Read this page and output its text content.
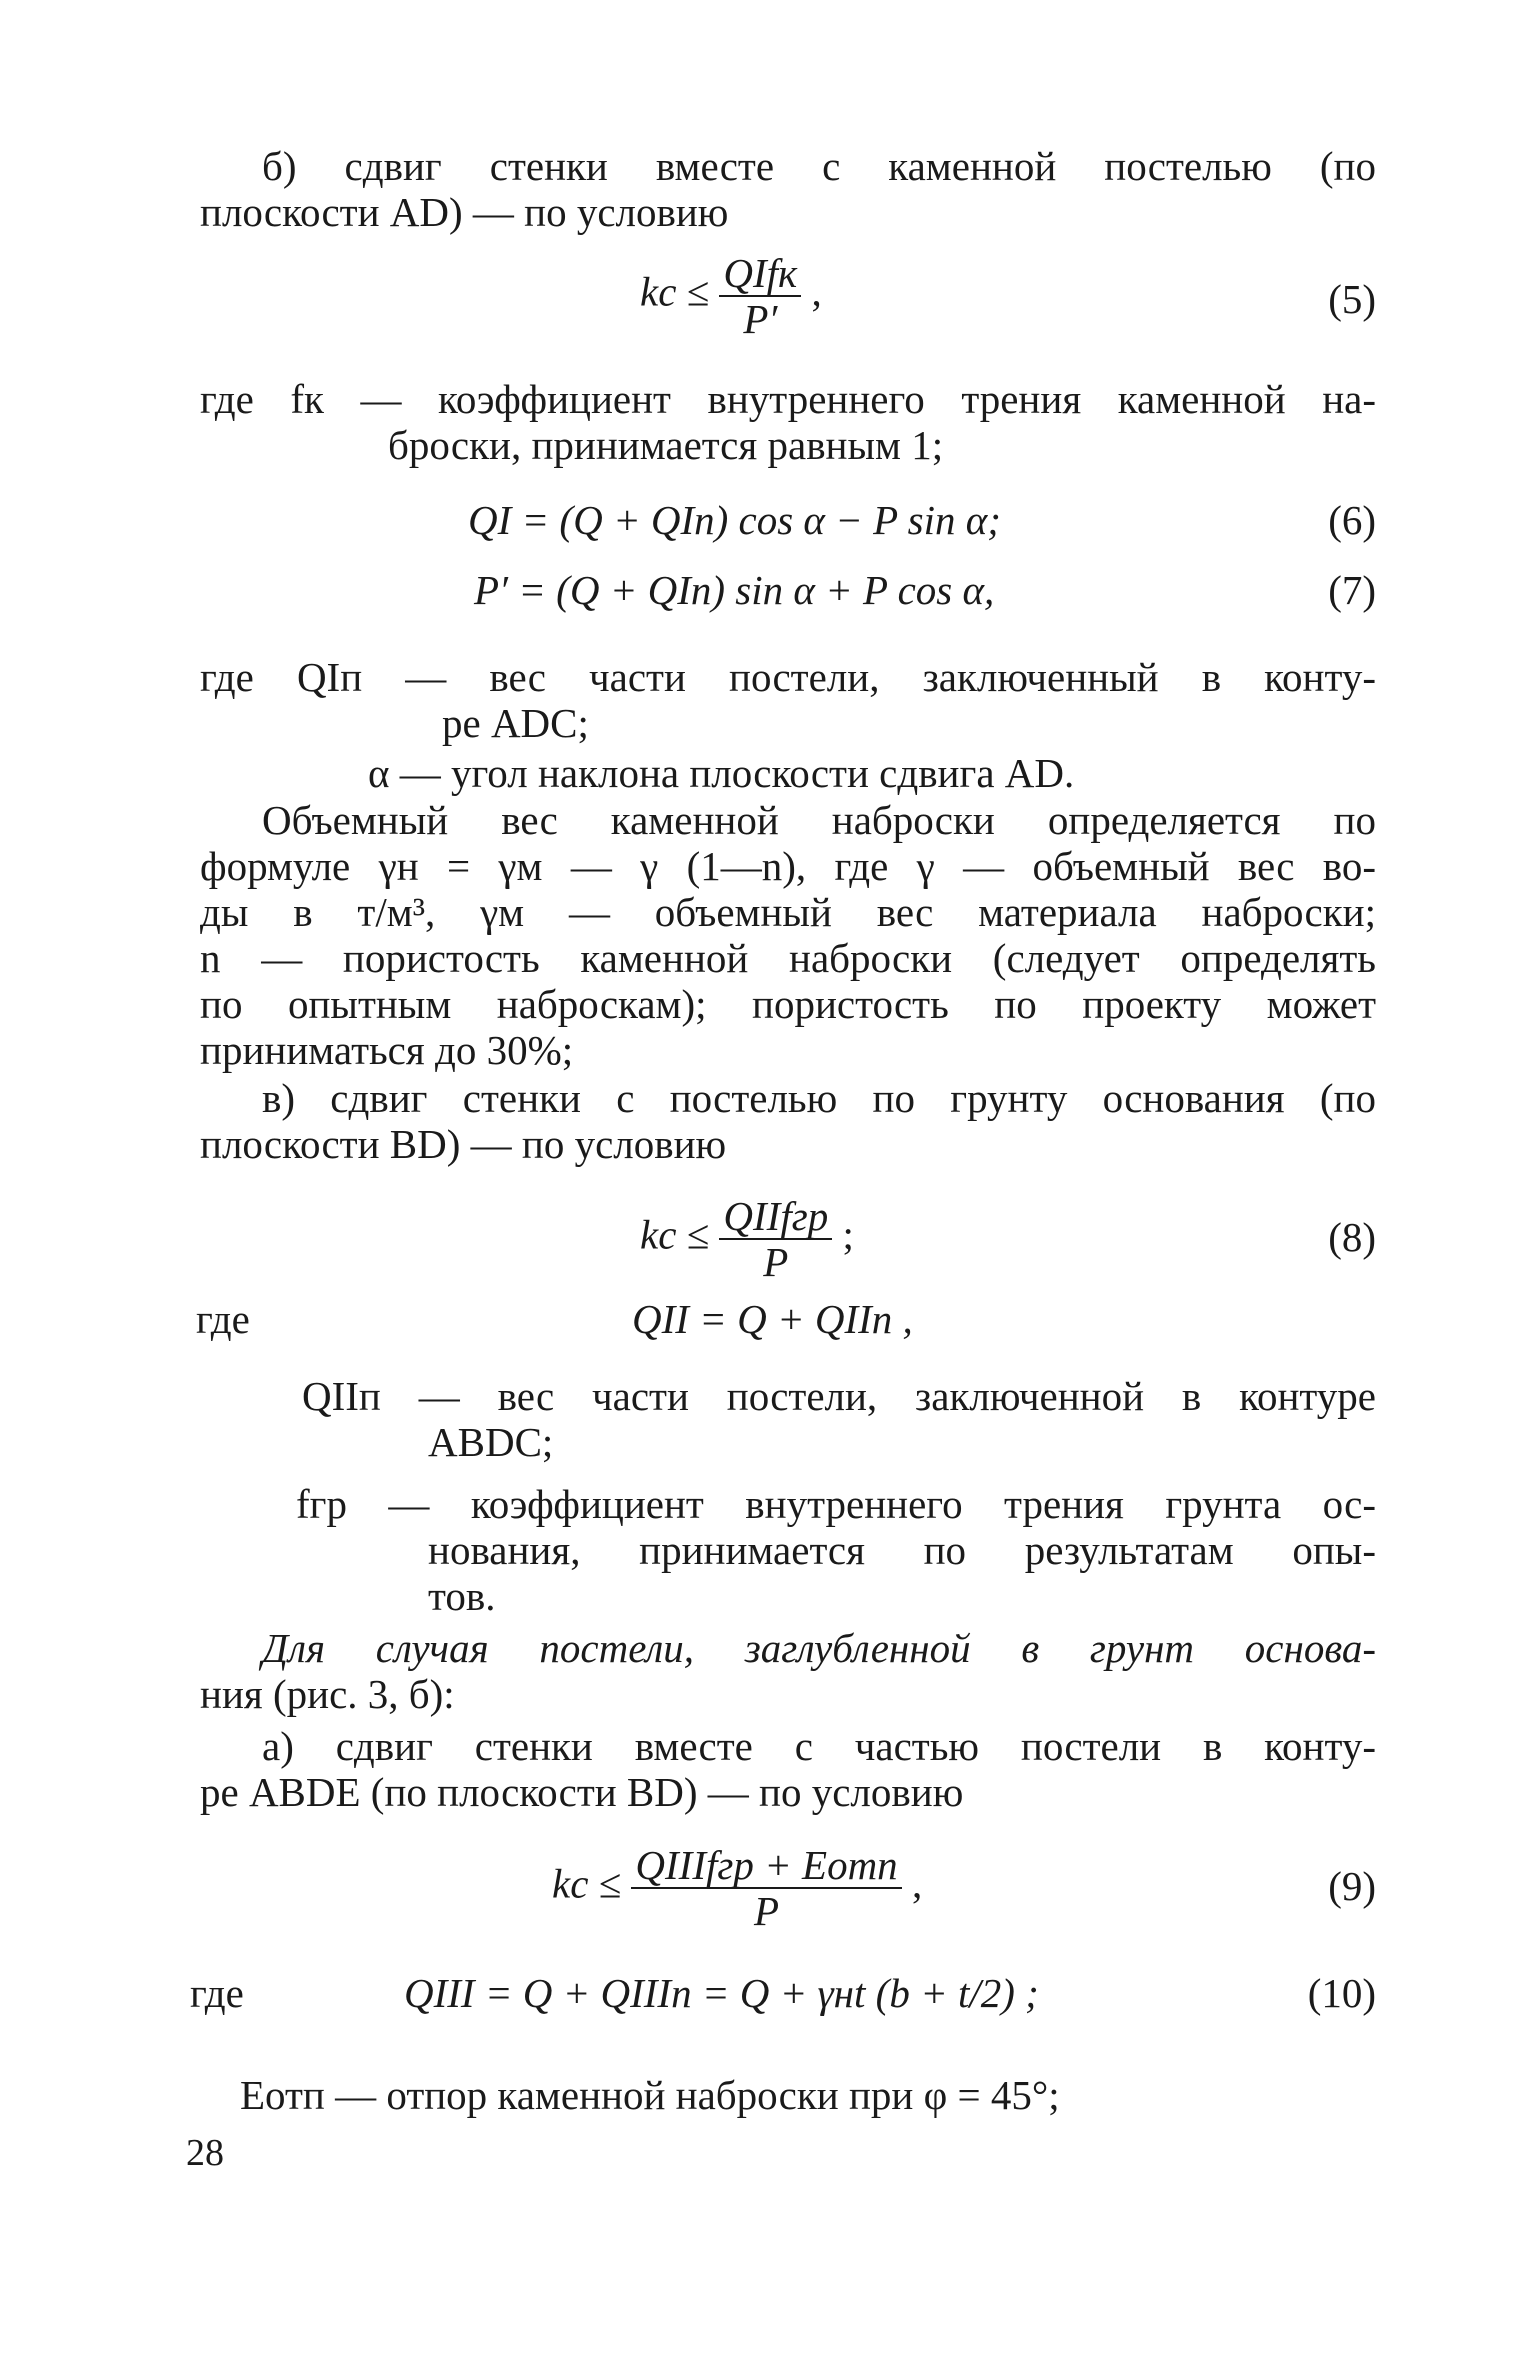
б) сдвиг стенки вместе с каменной постелью (по
плоскости AD) — по условию
kс ≤ $\frac{\text{QIfк}}{P'}$ ,	(5)
где fк — коэффициент внутреннего трения каменной на-
броски, принимается равным 1;
QI = (Q + QIп) cos α − P sin α;	(6)
P′ = (Q + QIп) sin α + P cos α,	(7)
где QIп — вес части постели, заключенный в конту-
ре ADC;
α — угол наклона плоскости сдвига AD.
Объемный вес каменной наброски определяется по
формуле γн = γм — γ (1—n), где γ — объемный вес во-
ды в т/м³, γм — объемный вес материала наброски;
n — пористость каменной наброски (следует определять
по опытным наброскам); пористость по проекту может
приниматься до 30%;
в) сдвиг стенки с постелью по грунту основания (по
плоскости BD) — по условию
kс ≤ $\frac{\text{QIIfгр}}{P}$ ;	(8)
где	QII = Q + QIIп ,
QIIп — вес части постели, заключенной в контуре
ABDC;
fгр — коэффициент внутреннего трения грунта ос-
нования, принимается по результатам опы-
тов.
Для случая постели, заглубленной в грунт основа-
ния (рис. 3, б):
а) сдвиг стенки вместе с частью постели в конту-
ре ABDE (по плоскости BD) — по условию
kс ≤ $\frac{\text{QIIIfгр + Eотп}}{P}$ ,	(9)
где	QIII = Q + QIIIп = Q + γнt (b + t/2) ;	(10)
Eотп — отпор каменной наброски при φ = 45°;
28
